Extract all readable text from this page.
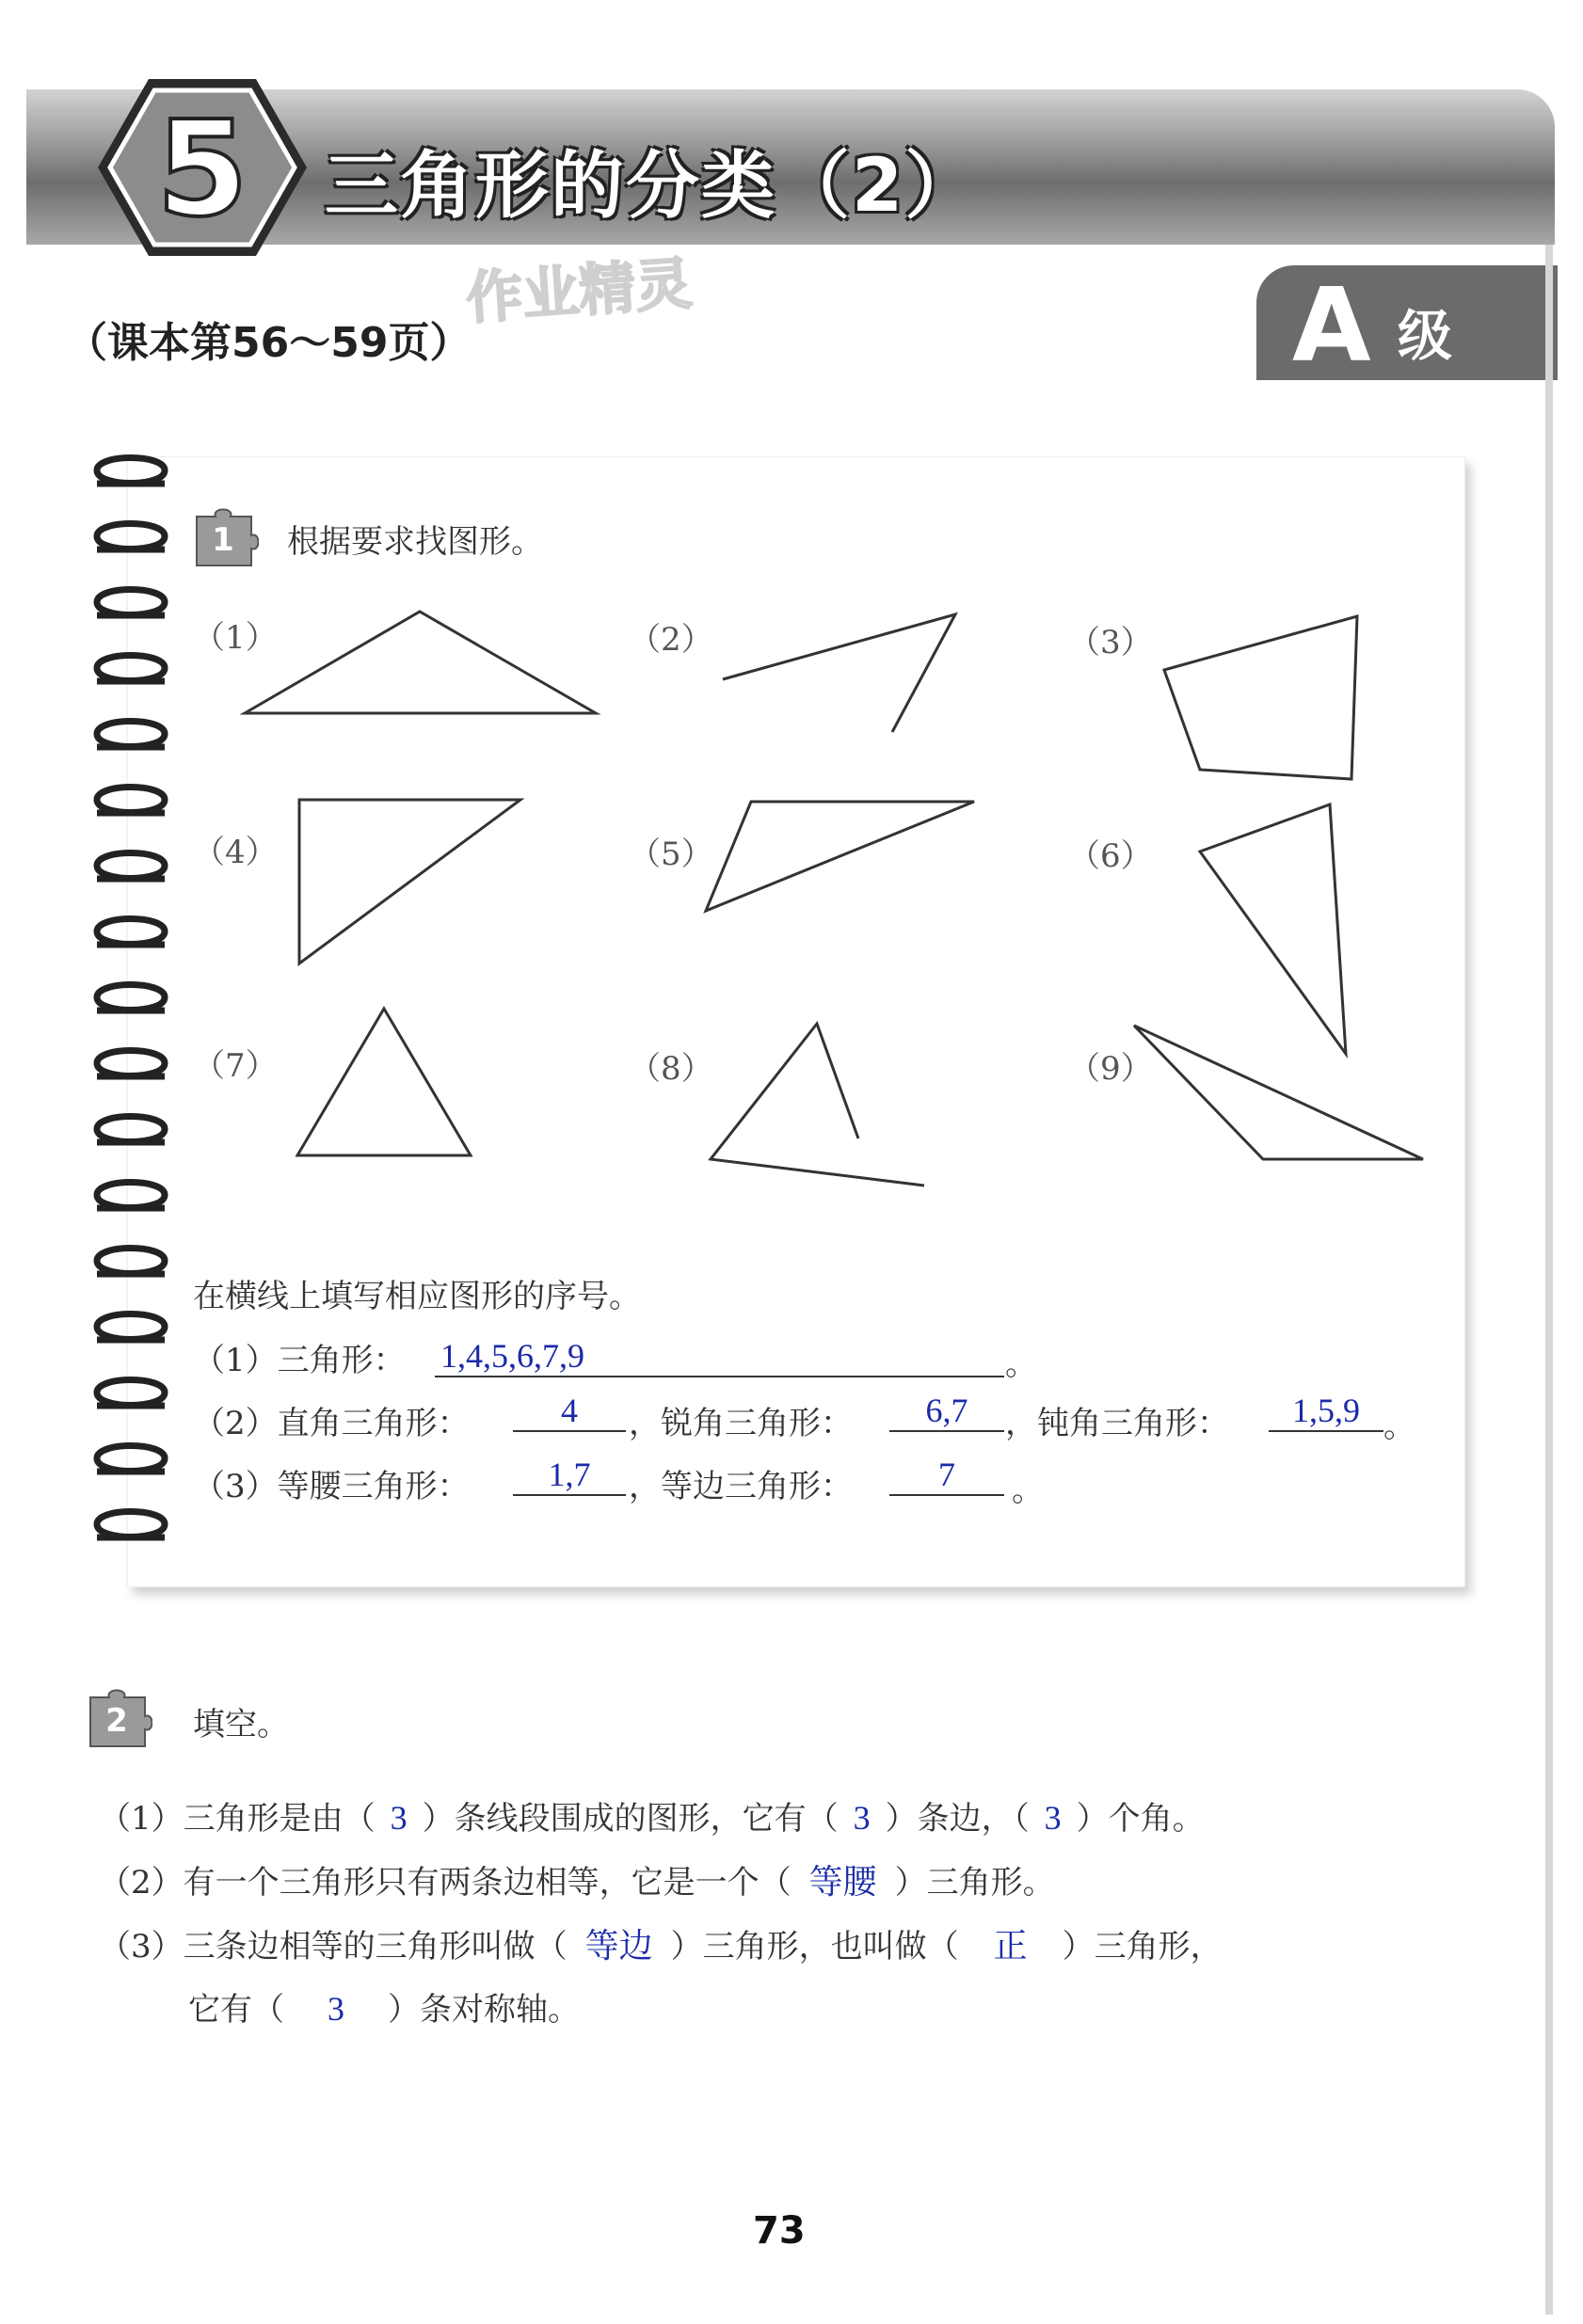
5 三角形的分类（2）
作业精灵
（课本第56～59页）	A 级
1 根据要求找图形。
（1）	（2）	（3）
（4）	（5）	（6）
（7）	（8）	（9）
在横线上填写相应图形的序号。
（1）三角形： 1,4,5,6,7,9	。
（2）直角三角形：	4	，锐角三角形：	6,7	，钝角三角形：	1,5,9 。
（3）等腰三角形：	1,7	，等边三角形：	7	。
2 填空。
（1）三角形是由（ 3 ）条线段围成的图形，它有（ 3 ）条边，（ 3 ）个角。
（2）有一个三角形只有两条边相等，它是一个（ 等腰 ）三角形。
（3）三条边相等的三角形叫做（ 等边 ）三角形，也叫做（ 正 ）三角形，
它有（ 3 ）条对称轴。
73
